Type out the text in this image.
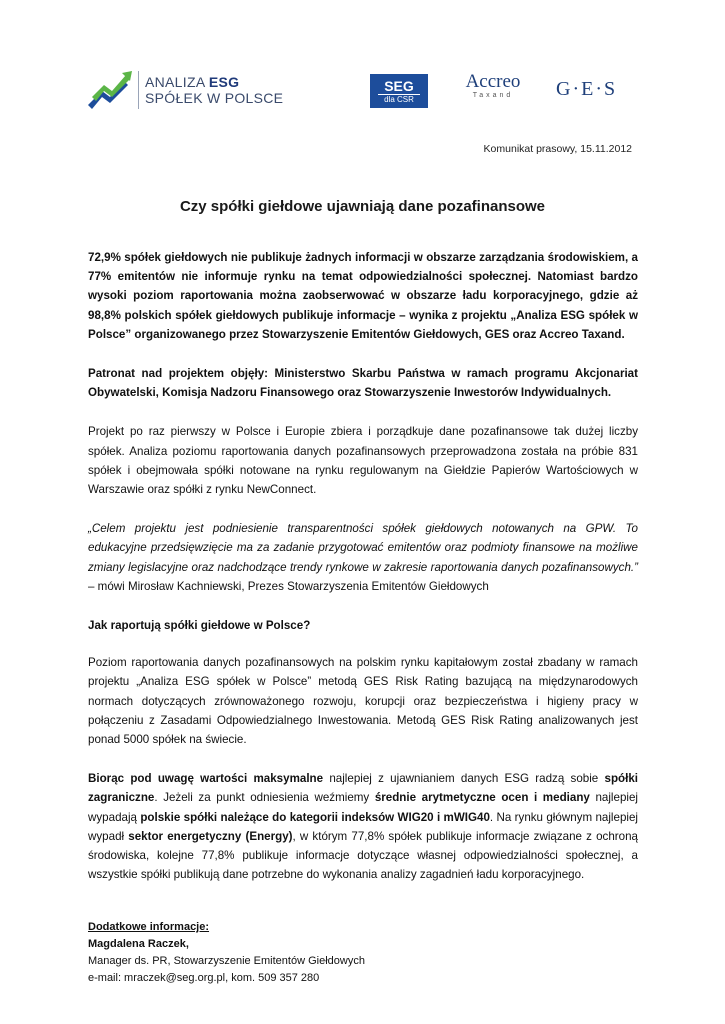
ANALIZA ESG
SPÓŁEK W POLSCE
SEG
dla CSR
Accreo
Taxand	G·E·S
Komunikat prasowy, 15.11.2012
Czy spółki giełdowe ujawniają dane pozafinansowe

72,9% spółek giełdowych nie publikuje żadnych informacji w obszarze zarządzania środowiskiem, a 77% emitentów nie informuje rynku na temat odpowiedzialności społecznej. Natomiast bardzo wysoki poziom raportowania można zaobserwować w obszarze ładu korporacyjnego, gdzie aż 98,8% polskich spółek giełdowych publikuje informacje – wynika z projektu „Analiza ESG spółek w Polsce” organizowanego przez Stowarzyszenie Emitentów Giełdowych, GES oraz Accreo Taxand.

Patronat nad projektem objęły: Ministerstwo Skarbu Państwa w ramach programu Akcjonariat Obywatelski, Komisja Nadzoru Finansowego oraz Stowarzyszenie Inwestorów Indywidualnych.

Projekt po raz pierwszy w Polsce i Europie zbiera i porządkuje dane pozafinansowe tak dużej liczby spółek. Analiza poziomu raportowania danych pozafinansowych przeprowadzona została na próbie 831 spółek i obejmowała spółki notowane na rynku regulowanym na Giełdzie Papierów Wartościowych w Warszawie oraz spółki z rynku NewConnect.

„Celem projektu jest podniesienie transparentności spółek giełdowych notowanych na GPW. To edukacyjne przedsięwzięcie ma za zadanie przygotować emitentów oraz podmioty finansowe na możliwe zmiany legislacyjne oraz nadchodzące trendy rynkowe w zakresie raportowania danych pozafinansowych.” – mówi Mirosław Kachniewski, Prezes Stowarzyszenia Emitentów Giełdowych

Jak raportują spółki giełdowe w Polsce?

Poziom raportowania danych pozafinansowych na polskim rynku kapitałowym został zbadany w ramach projektu „Analiza ESG spółek w Polsce” metodą GES Risk Rating bazującą na międzynarodowych normach dotyczących zrównoważonego rozwoju, korupcji oraz bezpieczeństwa i higieny pracy w połączeniu z Zasadami Odpowiedzialnego Inwestowania. Metodą GES Risk Rating analizowanych jest ponad 5000 spółek na świecie.

Biorąc pod uwagę wartości maksymalne najlepiej z ujawnianiem danych ESG radzą sobie spółki zagraniczne. Jeżeli za punkt odniesienia weźmiemy średnie arytmetyczne ocen i mediany najlepiej wypadają polskie spółki należące do kategorii indeksów WIG20 i mWIG40. Na rynku głównym najlepiej wypadł sektor energetyczny (Energy), w którym 77,8% spółek publikuje informacje związane z ochroną środowiska, kolejne 77,8% publikuje informacje dotyczące własnej odpowiedzialności społecznej, a wszystkie spółki publikują dane potrzebne do wykonania analizy zagadnień ładu korporacyjnego.

Dodatkowe informacje:
Magdalena Raczek,
Manager ds. PR, Stowarzyszenie Emitentów Giełdowych
e-mail: mraczek@seg.org.pl, kom. 509 357 280
